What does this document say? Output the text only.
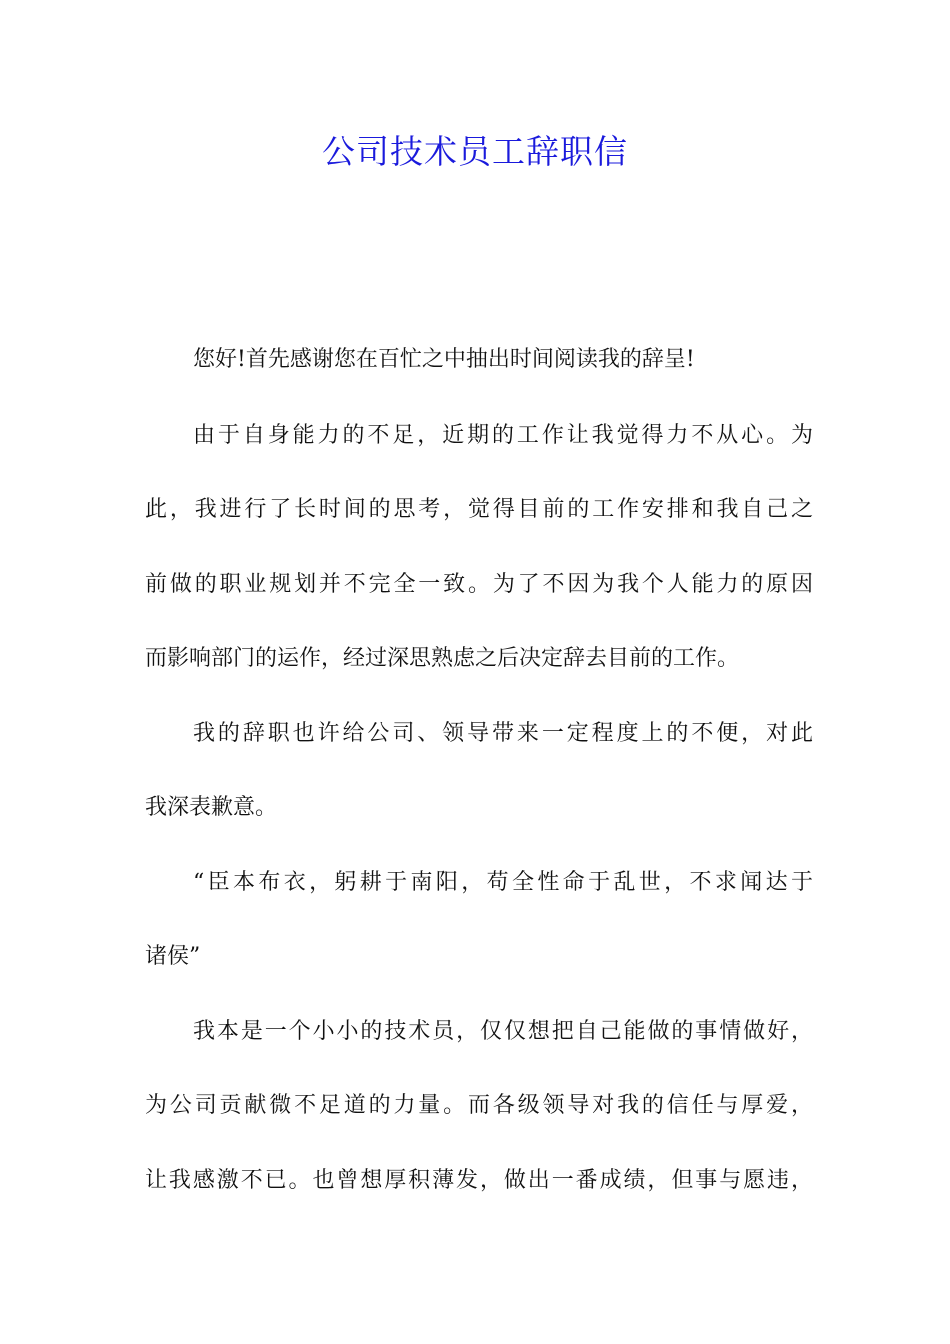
公司技术员工辞职信
您好!首先感谢您在百忙之中抽出时间阅读我的辞呈!
由于自身能力的不足，近期的工作让我觉得力不从心。为
此，我进行了长时间的思考，觉得目前的工作安排和我自己之
前做的职业规划并不完全一致。为了不因为我个人能力的原因
而影响部门的运作，经过深思熟虑之后决定辞去目前的工作。
我的辞职也许给公司、领导带来一定程度上的不便，对此
我深表歉意。
“臣本布衣，躬耕于南阳，苟全性命于乱世，不求闻达于
诸侯”
我本是一个小小的技术员，仅仅想把自己能做的事情做好，
为公司贡献微不足道的力量。而各级领导对我的信任与厚爱，
让我感激不已。也曾想厚积薄发，做出一番成绩，但事与愿违，
